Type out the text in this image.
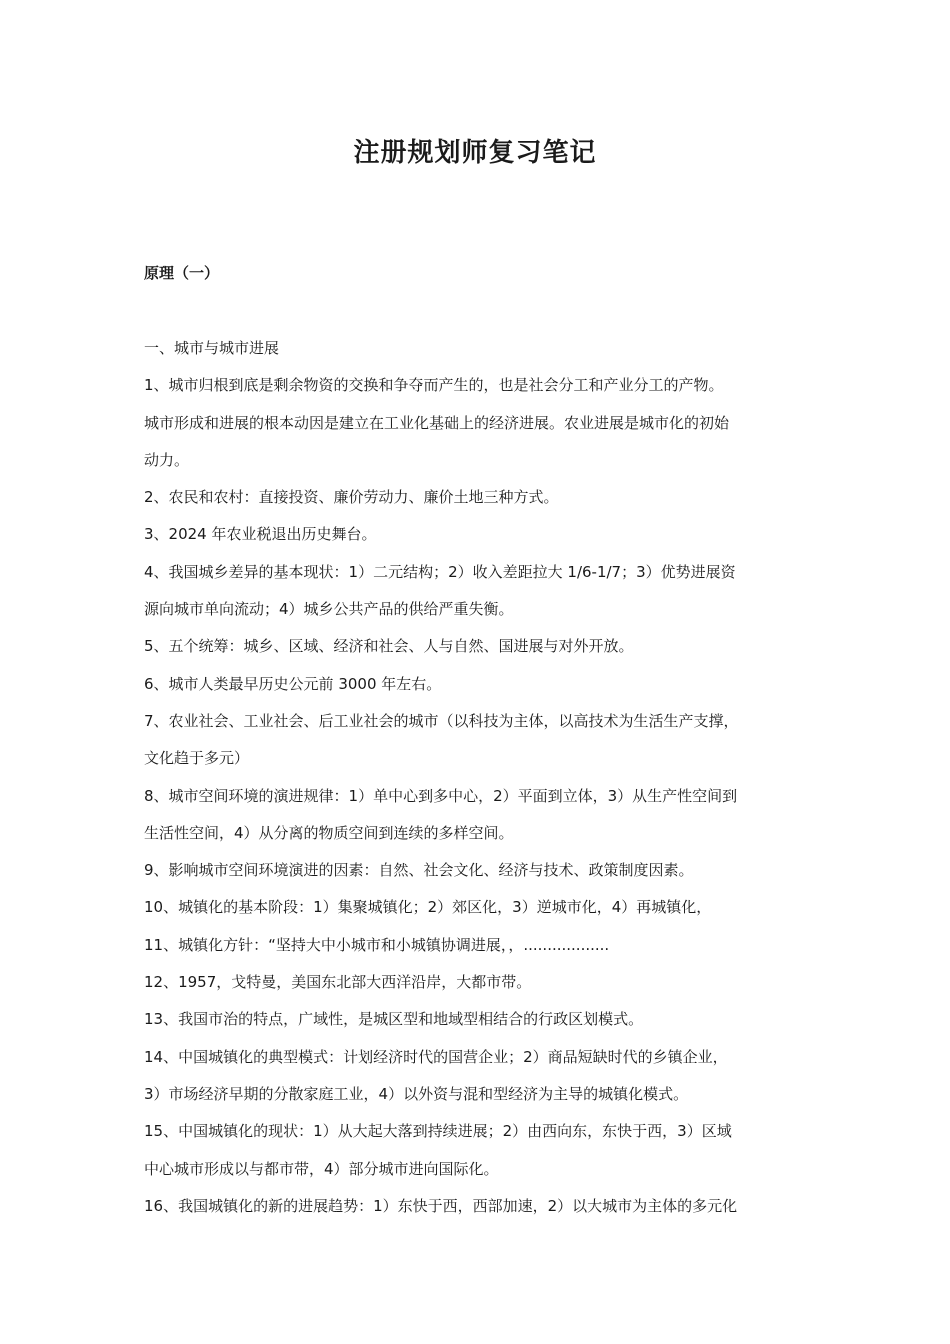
注册规划师复习笔记
原理（一）
一、城市与城市进展
1、城市归根到底是剩余物资的交换和争夺而产生的，也是社会分工和产业分工的产物。
城市形成和进展的根本动因是建立在工业化基础上的经济进展。农业进展是城市化的初始
动力。
2、农民和农村：直接投资、廉价劳动力、廉价土地三种方式。
3、2024 年农业税退出历史舞台。
4、我国城乡差异的基本现状：1）二元结构；2）收入差距拉大 1/6-1/7；3）优势进展资
源向城市单向流动；4）城乡公共产品的供给严重失衡。
5、五个统筹：城乡、区域、经济和社会、人与自然、国进展与对外开放。
6、城市人类最早历史公元前 3000 年左右。
7、农业社会、工业社会、后工业社会的城市（以科技为主体，以高技术为生活生产支撑，
文化趋于多元）
8、城市空间环境的演进规律：1）单中心到多中心，2）平面到立体，3）从生产性空间到
生活性空间，4）从分离的物质空间到连续的多样空间。
9、影响城市空间环境演进的因素：自然、社会文化、经济与技术、政策制度因素。
10、城镇化的基本阶段：1）集聚城镇化；2）郊区化，3）逆城市化，4）再城镇化，
11、城镇化方针：“坚持大中小城市和小城镇协调进展，，..................
12、1957，戈特曼，美国东北部大西洋沿岸，大都市带。
13、我国市治的特点，广域性，是城区型和地域型相结合的行政区划模式。
14、中国城镇化的典型模式：计划经济时代的国营企业；2）商品短缺时代的乡镇企业，
3）市场经济早期的分散家庭工业，4）以外资与混和型经济为主导的城镇化模式。
15、中国城镇化的现状：1）从大起大落到持续进展；2）由西向东，东快于西，3）区域
中心城市形成以与都市带，4）部分城市进向国际化。
16、我国城镇化的新的进展趋势：1）东快于西，西部加速，2）以大城市为主体的多元化
